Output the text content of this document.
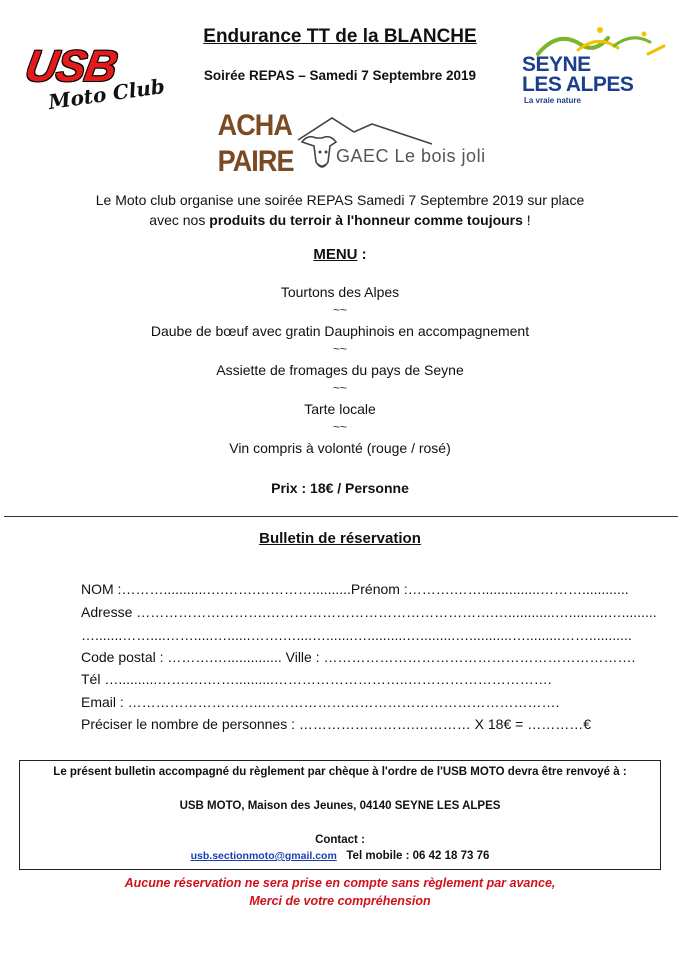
Endurance TT de la BLANCHE
Soirée REPAS – Samedi 7 Septembre 2019
USB
Moto Club
SEYNE
LES ALPES
La vraie nature
ACHA
PAIRE GAEC Le bois joli
Le Moto club organise une soirée REPAS Samedi 7 Septembre 2019 sur place
avec nos produits du terroir à l'honneur comme toujours !
MENU :
Tourtons des Alpes
~~
Daube de bœuf avec gratin Dauphinois en accompagnement
~~
Assiette de fromages du pays de Seyne
~~
Tarte locale
~~
Vin compris à volonté (rouge / rosé)
Prix : 18€ / Personne
Bulletin de réservation
NOM :………...........….…….…………..........Prénom :……….……...............………............
Adresse ……………………….………………………………………….…............…..........….........
….......……....…….....…......…….…....….......…..........….........…...........….........……...........
Code postal : ……….….............. Ville : ………………………………………………………….
Tél …..........…….….……..........………………………..………………………….
Email : ………………………..……………………………………………………….
Préciser le nombre de personnes : …………………….………… X 18€ = …………€
Le présent bulletin accompagné du règlement par chèque à l'ordre de l'USB MOTO devra être renvoyé à :
USB MOTO, Maison des Jeunes, 04140 SEYNE LES ALPES
Contact :
usb.sectionmoto@gmail.com Tel mobile : 06 42 18 73 76
Aucune réservation ne sera prise en compte sans règlement par avance,
Merci de votre compréhension
